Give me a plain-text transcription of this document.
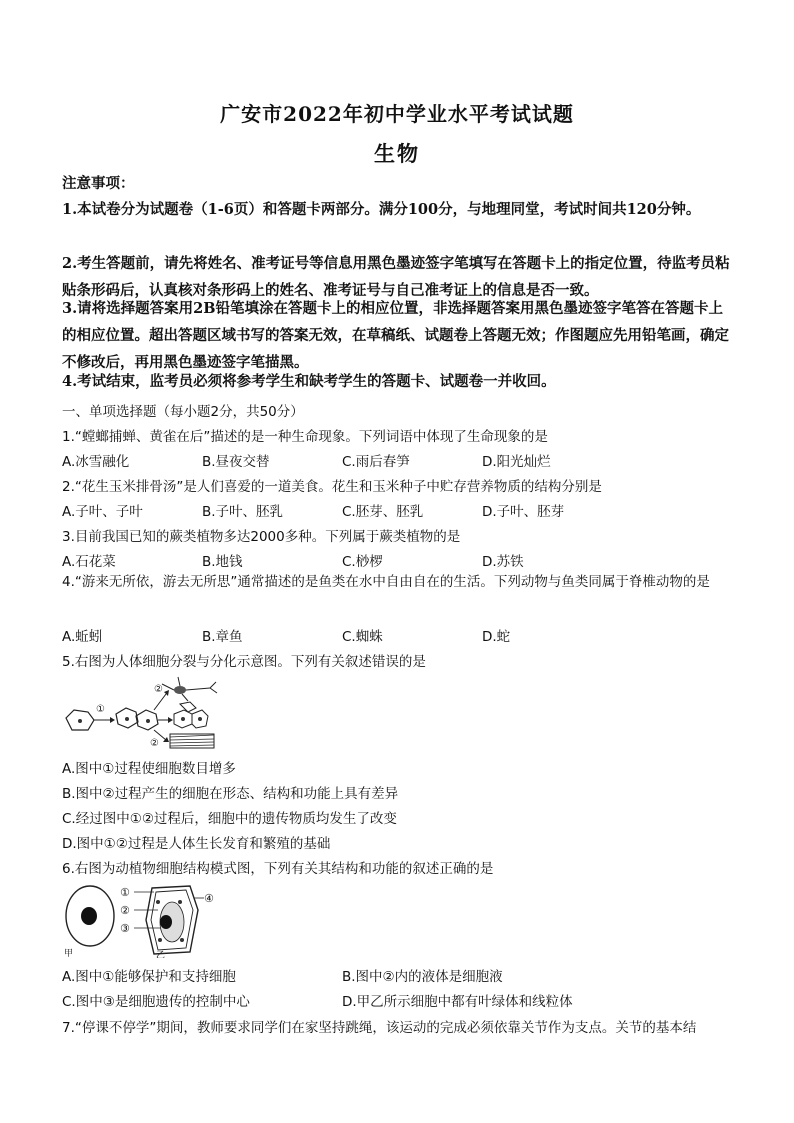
广安市2022年初中学业水平考试试题
生物
注意事项：
1.本试卷分为试题卷（1-6页）和答题卡两部分。满分100分，与地理同堂，考试时间共120分钟。
2.考生答题前，请先将姓名、准考证号等信息用黑色墨迹签字笔填写在答题卡上的指定位置，待监考员粘贴条形码后，认真核对条形码上的姓名、准考证号与自己准考证上的信息是否一致。
3.请将选择题答案用2B铅笔填涂在答题卡上的相应位置，非选择题答案用黑色墨迹签字笔答在答题卡上的相应位置。超出答题区域书写的答案无效，在草稿纸、试题卷上答题无效；作图题应先用铅笔画，确定不修改后，再用黑色墨迹签字笔描黑。
4.考试结束，监考员必须将参考学生和缺考学生的答题卡、试题卷一并收回。
一、单项选择题（每小题2分，共50分）
1.“螳螂捕蝉、黄雀在后”描述的是一种生命现象。下列词语中体现了生命现象的是
A.冰雪融化	B.昼夜交替	C.雨后春笋	D.阳光灿烂
2.“花生玉米排骨汤”是人们喜爱的一道美食。花生和玉米种子中贮存营养物质的结构分别是
A.子叶、子叶	B.子叶、胚乳	C.胚芽、胚乳	D.子叶、胚芽
3.目前我国已知的蕨类植物多达2000多种。下列属于蕨类植物的是
A.石花菜	B.地钱	C.桫椤	D.苏铁
4.“游来无所依，游去无所思”通常描述的是鱼类在水中自由自在的生活。下列动物与鱼类同属于脊椎动物的是
A.蚯蚓	B.章鱼	C.蜘蛛	D.蛇
5.右图为人体细胞分裂与分化示意图。下列有关叙述错误的是
①
②
②
A.图中①过程使细胞数目增多
B.图中②过程产生的细胞在形态、结构和功能上具有差异
C.经过图中①②过程后，细胞中的遗传物质均发生了改变
D.图中①②过程是人体生长发育和繁殖的基础
6.右图为动植物细胞结构模式图，下列有关其结构和功能的叙述正确的是
甲
①
②
③
④
乙
A.图中①能够保护和支持细胞	B.图中②内的液体是细胞液
C.图中③是细胞遗传的控制中心	D.甲乙所示细胞中都有叶绿体和线粒体
7.“停课不停学”期间，教师要求同学们在家坚持跳绳，该运动的完成必须依靠关节作为支点。关节的基本结
